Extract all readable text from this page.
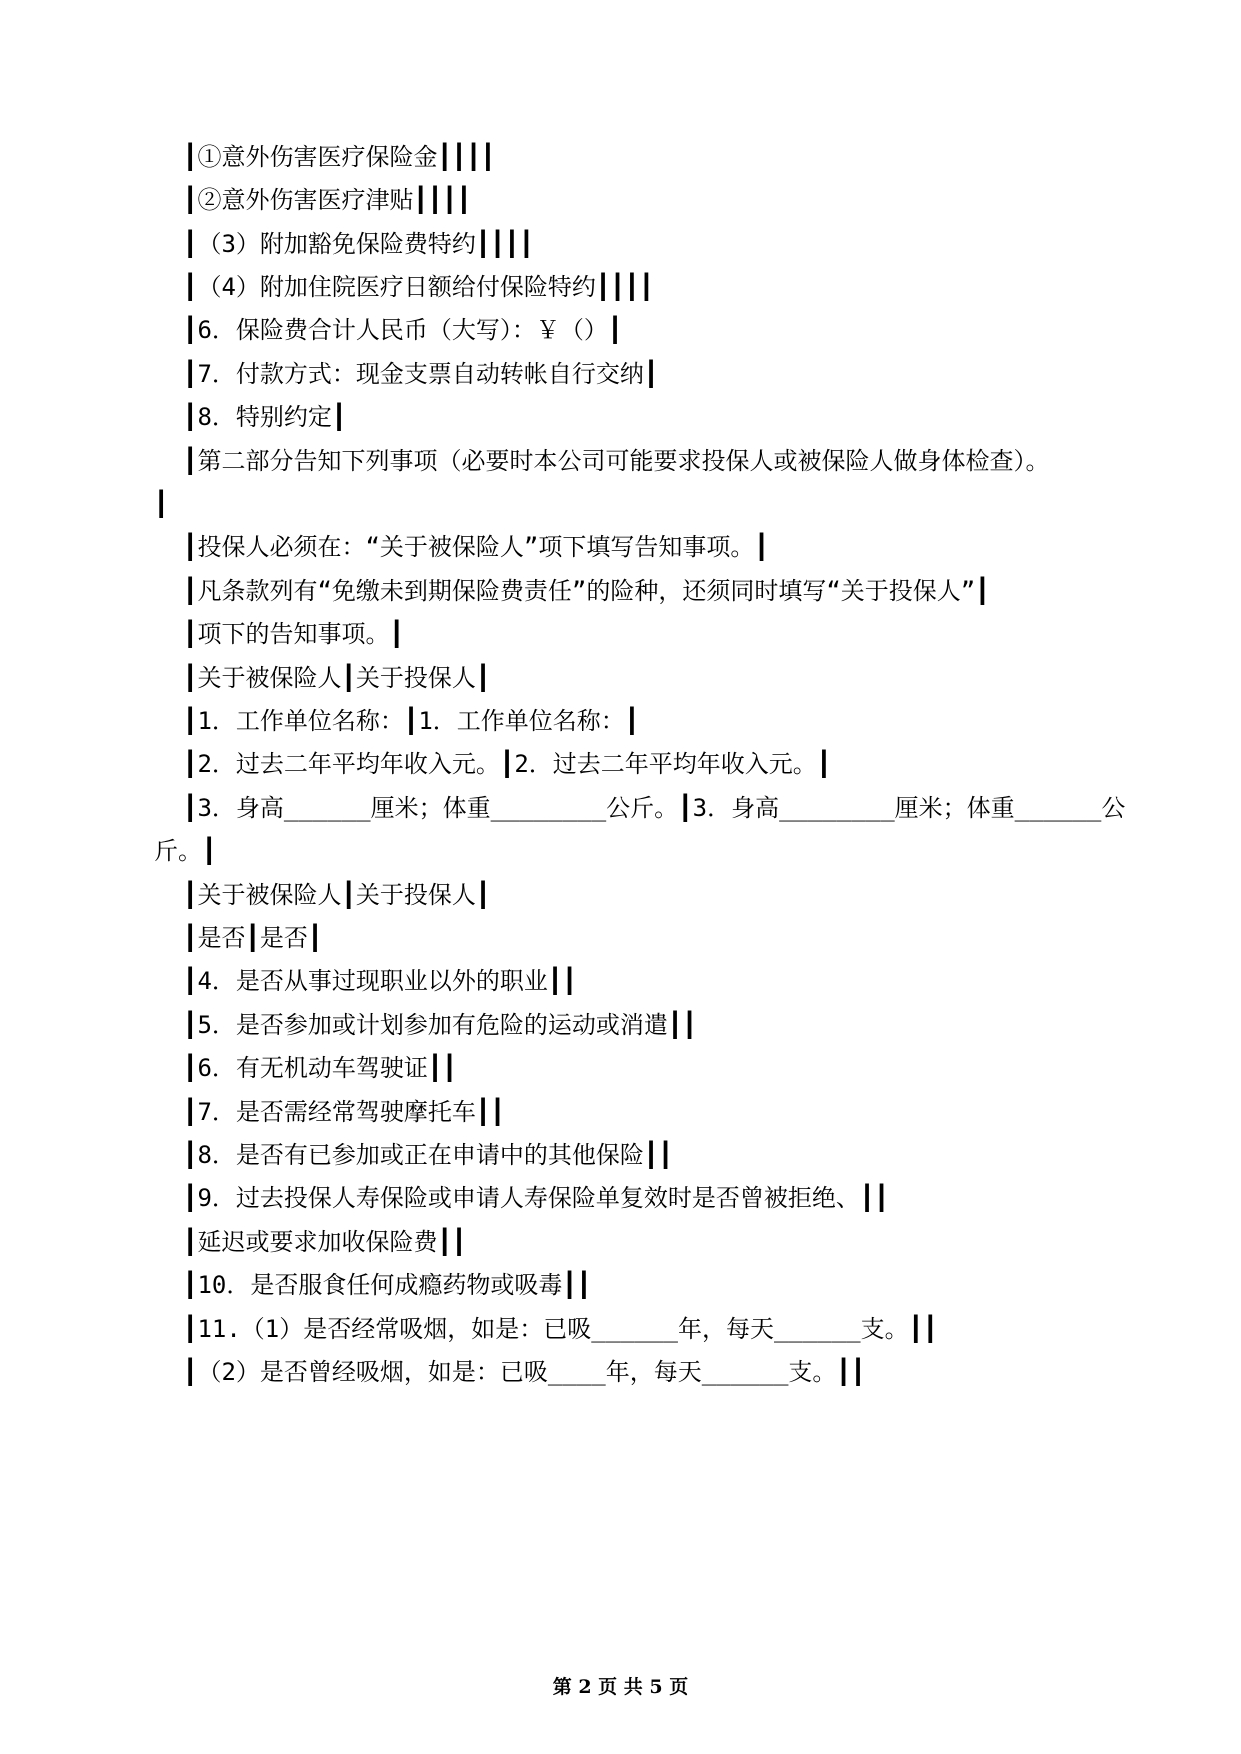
┃①意外伤害医疗保险金┃┃┃┃
┃②意外伤害医疗津贴┃┃┃┃
┃（3）附加豁免保险费特约┃┃┃┃
┃（4）附加住院医疗日额给付保险特约┃┃┃┃
┃6．保险费合计人民币（大写）：￥（）┃
┃7．付款方式：现金支票自动转帐自行交纳┃
┃8．特别约定┃
┃第二部分告知下列事项（必要时本公司可能要求投保人或被保险人做身体检查）。
┃
┃投保人必须在：“关于被保险人”项下填写告知事项。┃
┃凡条款列有“免缴未到期保险费责任”的险种，还须同时填写“关于投保人”┃
┃项下的告知事项。┃
┃关于被保险人┃关于投保人┃
┃1．工作单位名称：┃1．工作单位名称：┃
┃2．过去二年平均年收入元。┃2．过去二年平均年收入元。┃
┃3．身高______厘米；体重________公斤。┃3．身高________厘米；体重______公
斤。┃
┃关于被保险人┃关于投保人┃
┃是否┃是否┃
┃4．是否从事过现职业以外的职业┃┃
┃5．是否参加或计划参加有危险的运动或消遣┃┃
┃6．有无机动车驾驶证┃┃
┃7．是否需经常驾驶摩托车┃┃
┃8．是否有已参加或正在申请中的其他保险┃┃
┃9．过去投保人寿保险或申请人寿保险单复效时是否曾被拒绝、┃┃
┃延迟或要求加收保险费┃┃
┃10．是否服食任何成瘾药物或吸毒┃┃
┃11.（1）是否经常吸烟，如是：已吸______年，每天______支。┃┃
┃（2）是否曾经吸烟，如是：已吸____年，每天______支。┃┃
第 2 页 共 5 页
